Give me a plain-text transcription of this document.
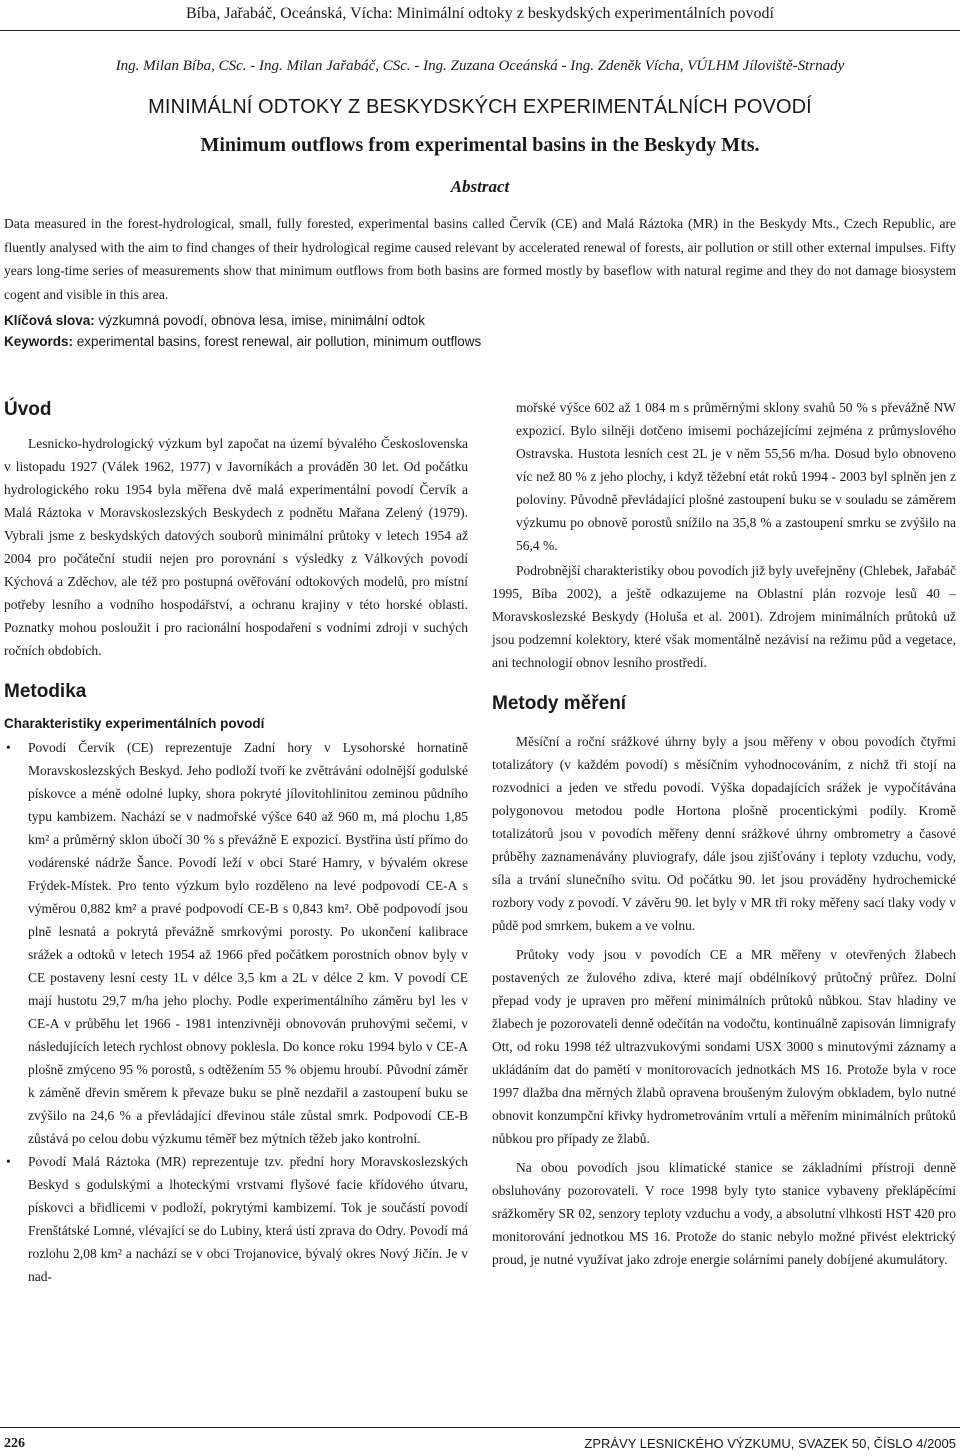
Bíba, Jařabáč, Oceánská, Vícha: Minimální odtoky z beskydských experimentálních povodí
Ing. Milan Bíba, CSc. - Ing. Milan Jařabáč, CSc. - Ing. Zuzana Oceánská - Ing. Zdeněk Vícha, VÚLHM Jíloviště-Strnady
MINIMÁLNÍ ODTOKY Z BESKYDSKÝCH EXPERIMENTÁLNÍCH POVODÍ
Minimum outflows from experimental basins in the Beskydy Mts.
Abstract
Data measured in the forest-hydrological, small, fully forested, experimental basins called Červík (CE) and Malá Ráztoka (MR) in the Beskydy Mts., Czech Republic, are fluently analysed with the aim to find changes of their hydrological regime caused relevant by accelerated renewal of forests, air pollution or still other external impulses. Fifty years long-time series of measurements show that minimum outflows from both basins are formed mostly by baseflow with natural regime and they do not damage biosystem cogent and visible in this area.
Klíčová slova: výzkumná povodí, obnova lesa, imise, minimální odtok
Keywords: experimental basins, forest renewal, air pollution, minimum outflows
Úvod

Lesnicko-hydrologický výzkum byl započat na území bývalého Československa v listopadu 1927 (Válek 1962, 1977) v Javorníkách a prováděn 30 let. Od počátku hydrologického roku 1954 byla měřena dvě malá experimentální povodí Červík a Malá Ráztoka v Moravskoslezských Beskydech z podnětu Mařana Zelený (1979). Vybrali jsme z beskydských datových souborů minimální průtoky v letech 1954 až 2004 pro počáteční studii nejen pro porovnání s výsledky z Válkových povodí Kýchová a Zděchov, ale též pro postupná ověřování odtokových modelů, pro místní potřeby lesního a vodního hospodářství, a ochranu krajiny v této horské oblasti. Poznatky mohou posloužit i pro racionální hospodaření s vodními zdroji v suchých ročních obdobích.

Metodika
Charakteristiky experimentálních povodí
• Povodí Červík (CE) reprezentuje Zadní hory v Lysohorské hornatině Moravskoslezských Beskyd. Jeho podloží tvoří ke zvětrávání odolnější godulské pískovce a méně odolné lupky, shora pokryté jílovitohlinitou zeminou půdního typu kambizem. Nachází se v nadmořské výšce 640 až 960 m, má plochu 1,85 km² a průměrný sklon úbočí 30 % s převážně E expozicí. Bystřina ústí přímo do vodárenské nádrže Šance. Povodí leží v obci Staré Hamry, v bývalém okrese Frýdek-Místek. Pro tento výzkum bylo rozděleno na levé podpovodí CE-A s výměrou 0,882 km² a pravé podpovodí CE-B s 0,843 km². Obě podpovodí jsou plně lesnatá a pokrytá převážně smrkovými porosty. Po ukončení kalibrace srážek a odtoků v letech 1954 až 1966 před počátkem porostních obnov byly v CE postaveny lesní cesty 1L v délce 3,5 km a 2L v délce 2 km. V povodí CE mají hustotu 29,7 m/ha jeho plochy. Podle experimentálního záměru byl les v CE-A v průběhu let 1966 - 1981 intenzivněji obnovován pruhovými sečemi, v následujících letech rychlost obnovy poklesla. Do konce roku 1994 bylo v CE-A plošně zmýceno 95 % porostů, s odtěžením 55 % objemu hroubí. Původní záměr k záměně dřevin směrem k převaze buku se plně nezdařil a zastoupení buku se zvýšilo na 24,6 % a převládající dřevinou stále zůstal smrk. Podpovodí CE-B zůstává po celou dobu výzkumu téměř bez mýtních těžeb jako kontrolní.
• Povodí Malá Ráztoka (MR) reprezentuje tzv. přední hory Moravskoslezských Beskyd s godulskými a lhoteckými vrstvami flyšové facie křídového útvaru, pískovci a břidlicemi v podloží, pokrytými kambizemí. Tok je součástí povodí Frenštátské Lomné, vlévající se do Lubiny, která ústí zprava do Odry. Povodí má rozlohu 2,08 km² a nachází se v obci Trojanovice, bývalý okres Nový Jičín. Je v nad-

mořské výšce 602 až 1 084 m s průměrnými sklony svahů 50 % s převážně NW expozicí. Bylo silněji dotčeno imisemi pocházejícími zejména z průmyslového Ostravska. Hustota lesních cest 2L je v něm 55,56 m/ha. Dosud bylo obnoveno víc než 80 % z jeho plochy, i když těžební etát roků 1994 - 2003 byl splněn jen z poloviny. Původně převládající plošné zastoupení buku se v souladu se záměrem výzkumu po obnově porostů snížilo na 35,8 % a zastoupení smrku se zvýšilo na 56,4 %.

Podrobnější charakteristiky obou povodích již byly uveřejněny (Chlebek, Jařabáč 1995, Bíba 2002), a ještě odkazujeme na Oblastní plán rozvoje lesů 40 – Moravskoslezské Beskydy (Holuša et al. 2001). Zdrojem minimálních průtoků už jsou podzemní kolektory, které však momentálně nezávisí na režimu půd a vegetace, ani technologií obnov lesního prostředí.

Metody měření

Měsíční a roční srážkové úhrny byly a jsou měřeny v obou povodích čtyřmi totalizátory (v každém povodí) s měsíčním vyhodnocováním, z nichž tři stojí na rozvodnici a jeden ve středu povodí. Výška dopadajících srážek je vypočítávána polygonovou metodou podle Hortona plošně procentickými podíly. Kromě totalizátorů jsou v povodích měřeny denní srážkové úhrny ombrometry a časové průběhy zaznamenávány pluviografy, dále jsou zjišťovány i teploty vzduchu, vody, síla a trvání slunečního svitu. Od počátku 90. let jsou prováděny hydrochemické rozbory vody z povodí. V závěru 90. let byly v MR tři roky měřeny sací tlaky vody v půdě pod smrkem, bukem a ve volnu.

Průtoky vody jsou v povodích CE a MR měřeny v otevřených žlabech postavených ze žulového zdiva, které mají obdélníkový průtočný průřez. Dolní přepad vody je upraven pro měření minimálních průtoků nůbkou. Stav hladiny ve žlabech je pozorovateli denně odečítán na vodočtu, kontinuálně zapisován limnigrafy Ott, od roku 1998 též ultrazvukovými sondami USX 3000 s minutovými záznamy a ukládáním dat do pamětí v monitorovacích jednotkách MS 16. Protože byla v roce 1997 dlažba dna měrných žlabů opravena broušeným žulovým obkladem, bylo nutné obnovit konzumpční křivky hydrometrováním vrtulí a měřením minimálních průtoků nůbkou pro případy ze žlabů.

Na obou povodích jsou klimatické stanice se základními přístroji denně obsluhovány pozorovateli. V roce 1998 byly tyto stanice vybaveny překlápěcími srážkoměry SR 02, senzory teploty vzduchu a vody, a absolutní vlhkosti HST 420 pro monitorování jednotkou MS 16. Protože do stanic nebylo možné přivést elektrický proud, je nutné využívat jako zdroje energie solárními panely dobíjené akumulátory.

226	ZPRÁVY LESNICKÉHO VÝZKUMU, SVAZEK 50, ČÍSLO 4/2005
